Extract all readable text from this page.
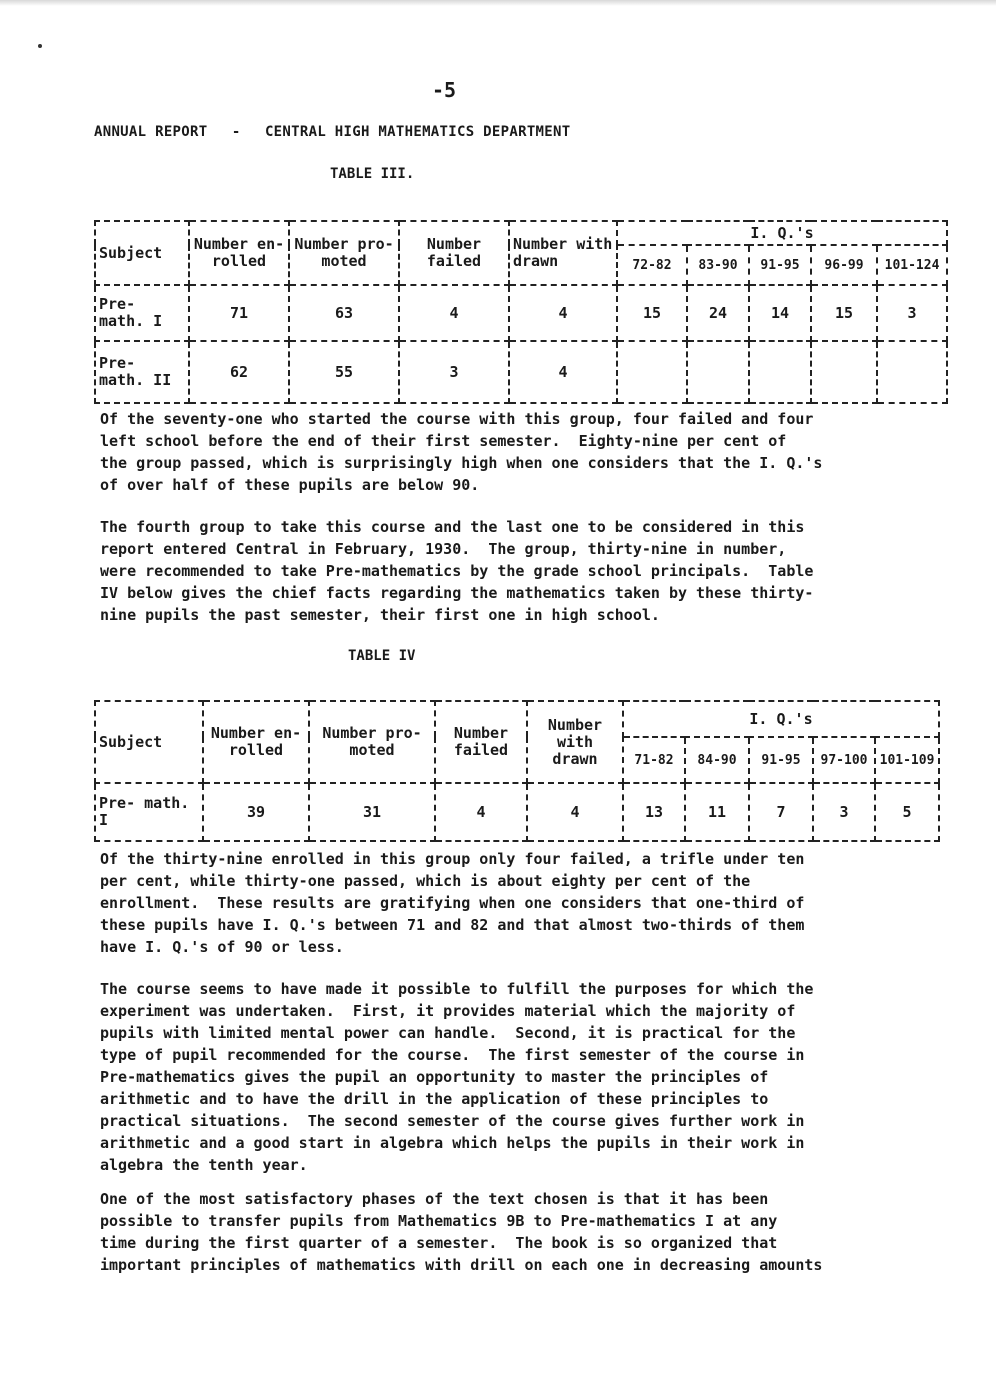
-5
ANNUAL REPORT - CENTRAL HIGH MATHEMATICS DEPARTMENT
TABLE III.
Subject	Number en- rolled	Number pro- moted	Number failed	Number with drawn	I. Q.'s				
					72-82	83-90	91-95	96-99	101-124
Pre- math. I	71	63	4	4	15	24	14	15	3
Pre- math. II	62	55	3	4					
Of the seventy-one who started the course with this group, four failed and four
left school before the end of their first semester.  Eighty-nine per cent of
the group passed, which is surprisingly high when one considers that the I. Q.'s
of over half of these pupils are below 90.
The fourth group to take this course and the last one to be considered in this
report entered Central in February, 1930.  The group, thirty-nine in number,
were recommended to take Pre-mathematics by the grade school principals.  Table
IV below gives the chief facts regarding the mathematics taken by these thirty-
nine pupils the past semester, their first one in high school.
TABLE IV
Subject	Number en- rolled	Number pro- moted	Number failed	Number with drawn	I. Q.'s				
					71-82	84-90	91-95	97-100	101-109
Pre- math. I	39	31	4	4	13	11	7	3	5
Of the thirty-nine enrolled in this group only four failed, a trifle under ten
per cent, while thirty-one passed, which is about eighty per cent of the
enrollment.  These results are gratifying when one considers that one-third of
these pupils have I. Q.'s between 71 and 82 and that almost two-thirds of them
have I. Q.'s of 90 or less.
The course seems to have made it possible to fulfill the purposes for which the
experiment was undertaken.  First, it provides material which the majority of
pupils with limited mental power can handle.  Second, it is practical for the
type of pupil recommended for the course.  The first semester of the course in
Pre-mathematics gives the pupil an opportunity to master the principles of
arithmetic and to have the drill in the application of these principles to
practical situations.  The second semester of the course gives further work in
arithmetic and a good start in algebra which helps the pupils in their work in
algebra the tenth year.
One of the most satisfactory phases of the text chosen is that it has been
possible to transfer pupils from Mathematics 9B to Pre-mathematics I at any
time during the first quarter of a semester.  The book is so organized that
important principles of mathematics with drill on each one in decreasing amounts
